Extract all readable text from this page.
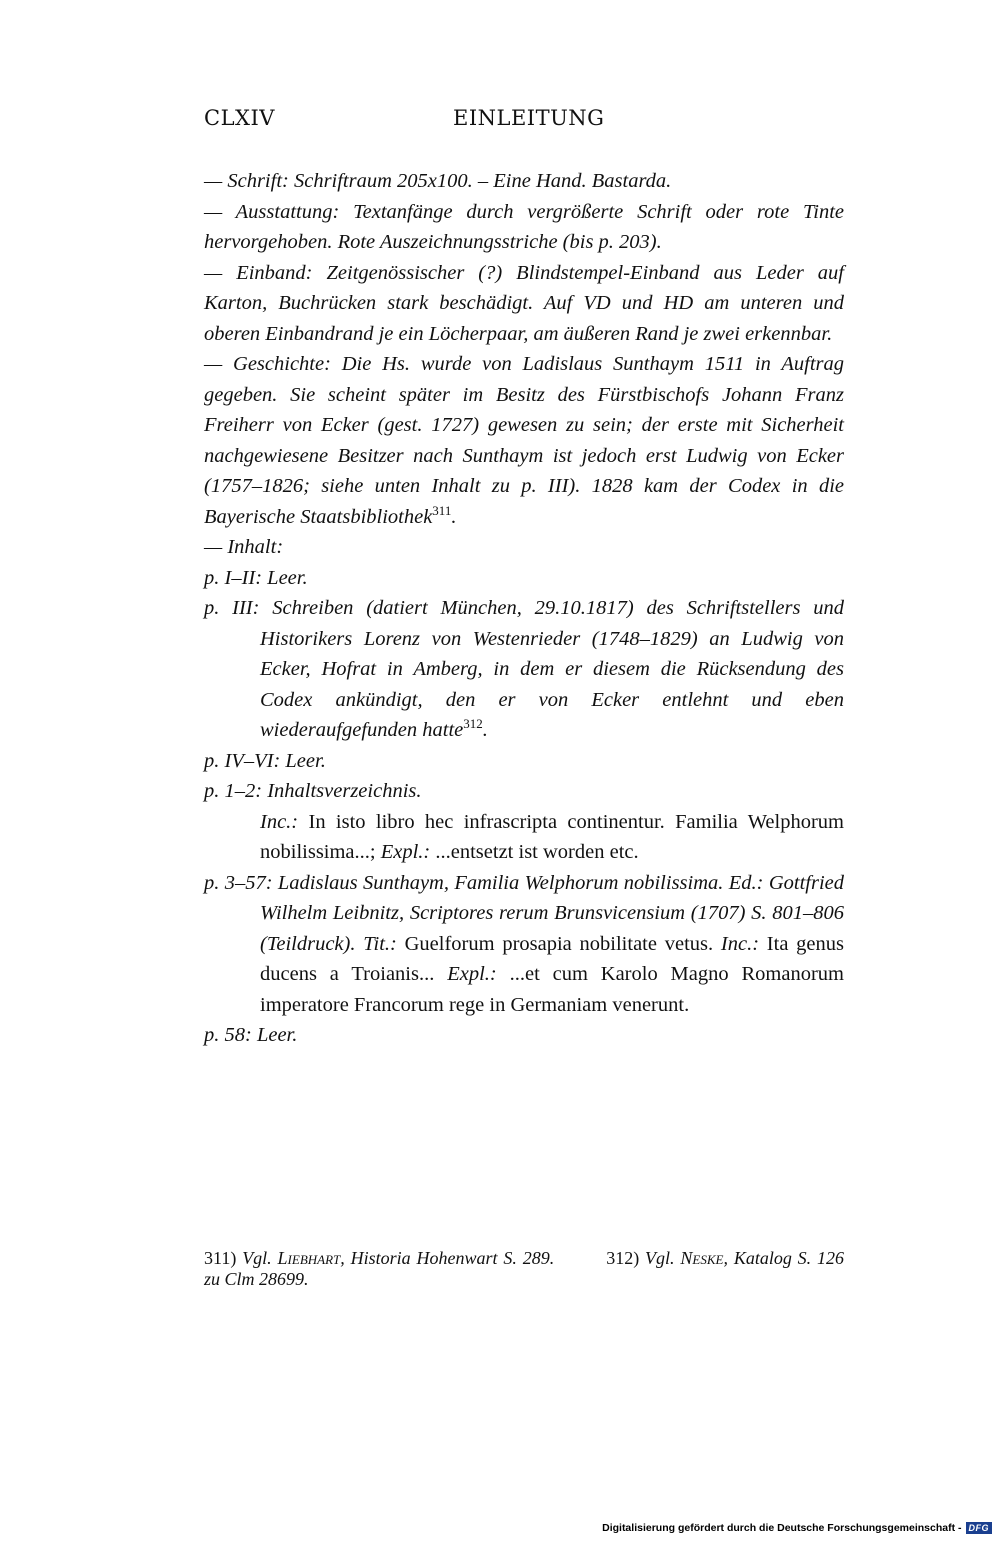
CLXIV	EINLEITUNG

— Schrift: Schriftraum 205x100. – Eine Hand. Bastarda.

— Ausstattung: Textanfänge durch vergrößerte Schrift oder rote Tinte hervorgehoben. Rote Auszeichnungsstriche (bis p. 203).

— Einband: Zeitgenössischer (?) Blindstempel-Einband aus Leder auf Karton, Buchrücken stark beschädigt. Auf VD und HD am unteren und oberen Einbandrand je ein Löcherpaar, am äußeren Rand je zwei erkennbar.

— Geschichte: Die Hs. wurde von Ladislaus Sunthaym 1511 in Auftrag gegeben. Sie scheint später im Besitz des Fürstbischofs Johann Franz Freiherr von Ecker (gest. 1727) gewesen zu sein; der erste mit Sicherheit nachgewiesene Besitzer nach Sunthaym ist jedoch erst Ludwig von Ecker (1757–1826; siehe unten Inhalt zu p. III). 1828 kam der Codex in die Bayerische Staatsbibliothek$^{311}$.

— Inhalt:

p. I–II: Leer.

p. III: Schreiben (datiert München, 29.10.1817) des Schriftstellers und Historikers Lorenz von Westenrieder (1748–1829) an Ludwig von Ecker, Hofrat in Amberg, in dem er diesem die Rücksendung des Codex ankündigt, den er von Ecker entlehnt und eben wiederaufgefunden hatte$^{312}$.

p. IV–VI: Leer.

p. 1–2: Inhaltsverzeichnis.

Inc.: In isto libro hec infrascripta continentur. Familia Welphorum nobilissima...; Expl.: ...entsetzt ist worden etc.

p. 3–57: Ladislaus Sunthaym, Familia Welphorum nobilissima. Ed.: Gottfried Wilhelm Leibnitz, Scriptores rerum Brunsvicensium (1707) S. 801–806 (Teildruck). Tit.: Guelforum prosapia nobilitate vetus. Inc.: Ita genus ducens a Troianis... Expl.: ...et cum Karolo Magno Romanorum imperatore Francorum rege in Germaniam venerunt.

p. 58: Leer.

311) Vgl. Liebhart, Historia Hohenwart S. 289.	312) Vgl. Neske, Katalog S. 126 zu Clm 28699.
Digitalisierung gefördert durch die Deutsche Forschungsgemeinschaft - DFG
